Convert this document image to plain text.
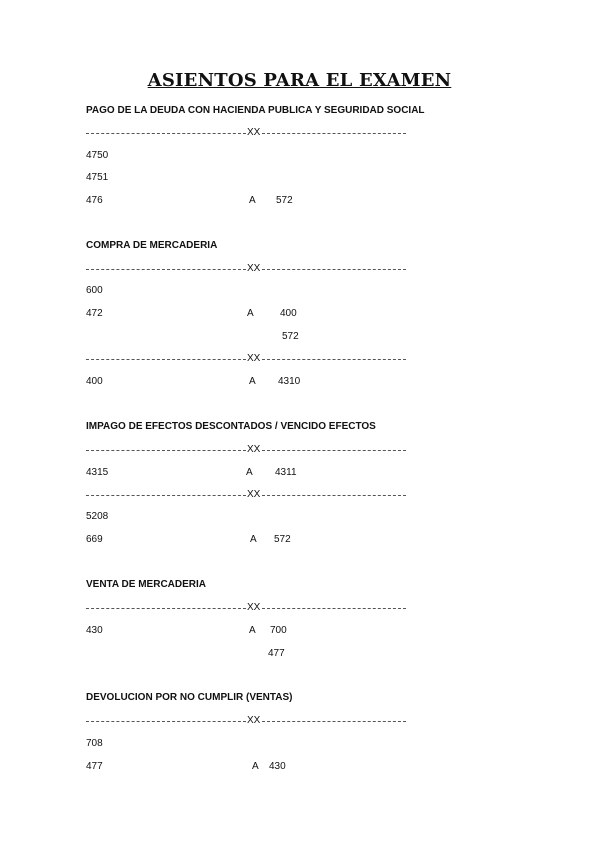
ASIENTOS PARA EL EXAMEN
PAGO DE LA DEUDA CON HACIENDA PUBLICA Y SEGURIDAD SOCIAL
XX
4750
4751
476	A 572
COMPRA DE MERCADERIA
XX
600
472	A	400
572
XX
400	A 4310
IMPAGO DE EFECTOS DESCONTADOS / VENCIDO EFECTOS
XX
4315	A 4311
XX
5208
669	A 572
VENTA DE MERCADERIA
XX
430	A 700
477
DEVOLUCION POR NO CUMPLIR (VENTAS)
XX
708
477	A 430
